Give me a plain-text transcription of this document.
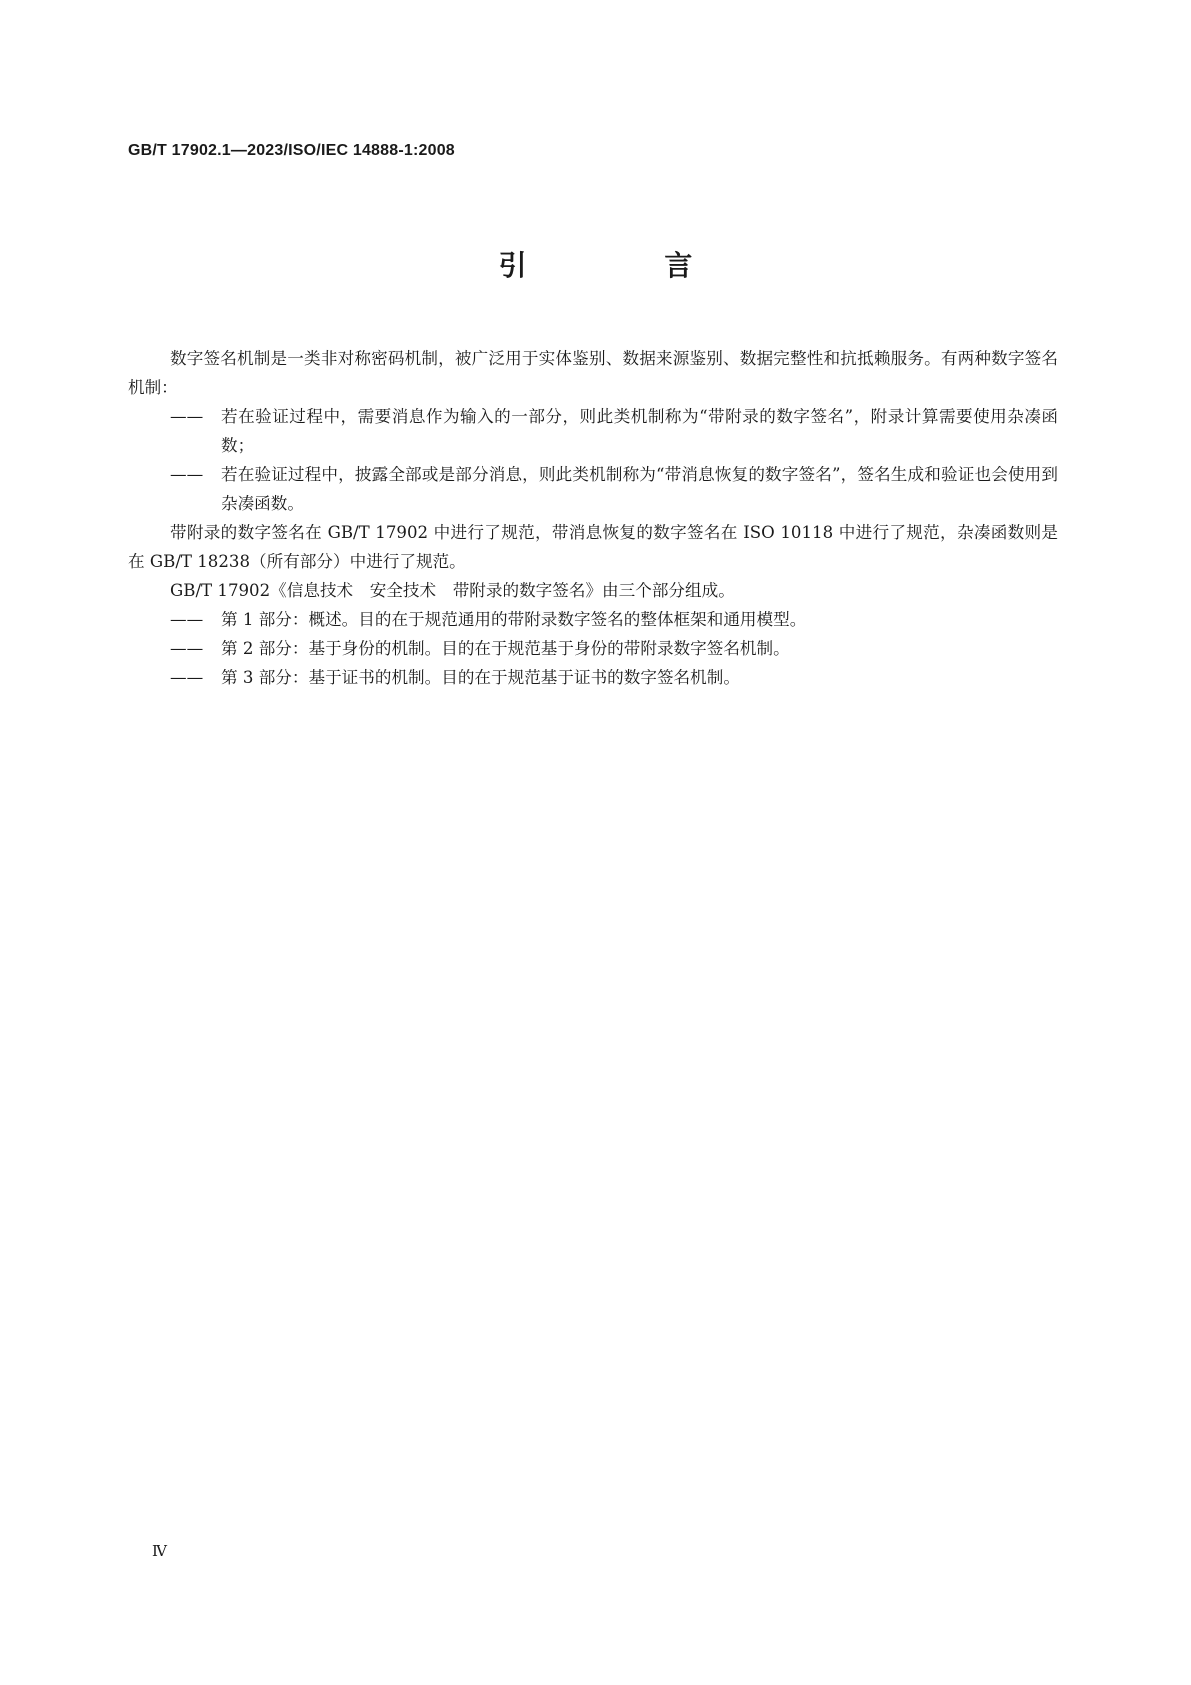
GB/T 17902.1—2023/ISO/IEC 14888-1:2008
引 言

数字签名机制是一类非对称密码机制，被广泛用于实体鉴别、数据来源鉴别、数据完整性和抗抵赖服务。有两种数字签名机制：

——	若在验证过程中，需要消息作为输入的一部分，则此类机制称为“带附录的数字签名”，附录计算需要使用杂凑函数；

——	若在验证过程中，披露全部或是部分消息，则此类机制称为“带消息恢复的数字签名”，签名生成和验证也会使用到杂凑函数。

带附录的数字签名在 GB/T 17902 中进行了规范，带消息恢复的数字签名在 ISO 10118 中进行了规范，杂凑函数则是在 GB/T 18238（所有部分）中进行了规范。

GB/T 17902《信息技术　安全技术　带附录的数字签名》由三个部分组成。

——	第 1 部分：概述。目的在于规范通用的带附录数字签名的整体框架和通用模型。

——	第 2 部分：基于身份的机制。目的在于规范基于身份的带附录数字签名机制。

——	第 3 部分：基于证书的机制。目的在于规范基于证书的数字签名机制。

Ⅳ
